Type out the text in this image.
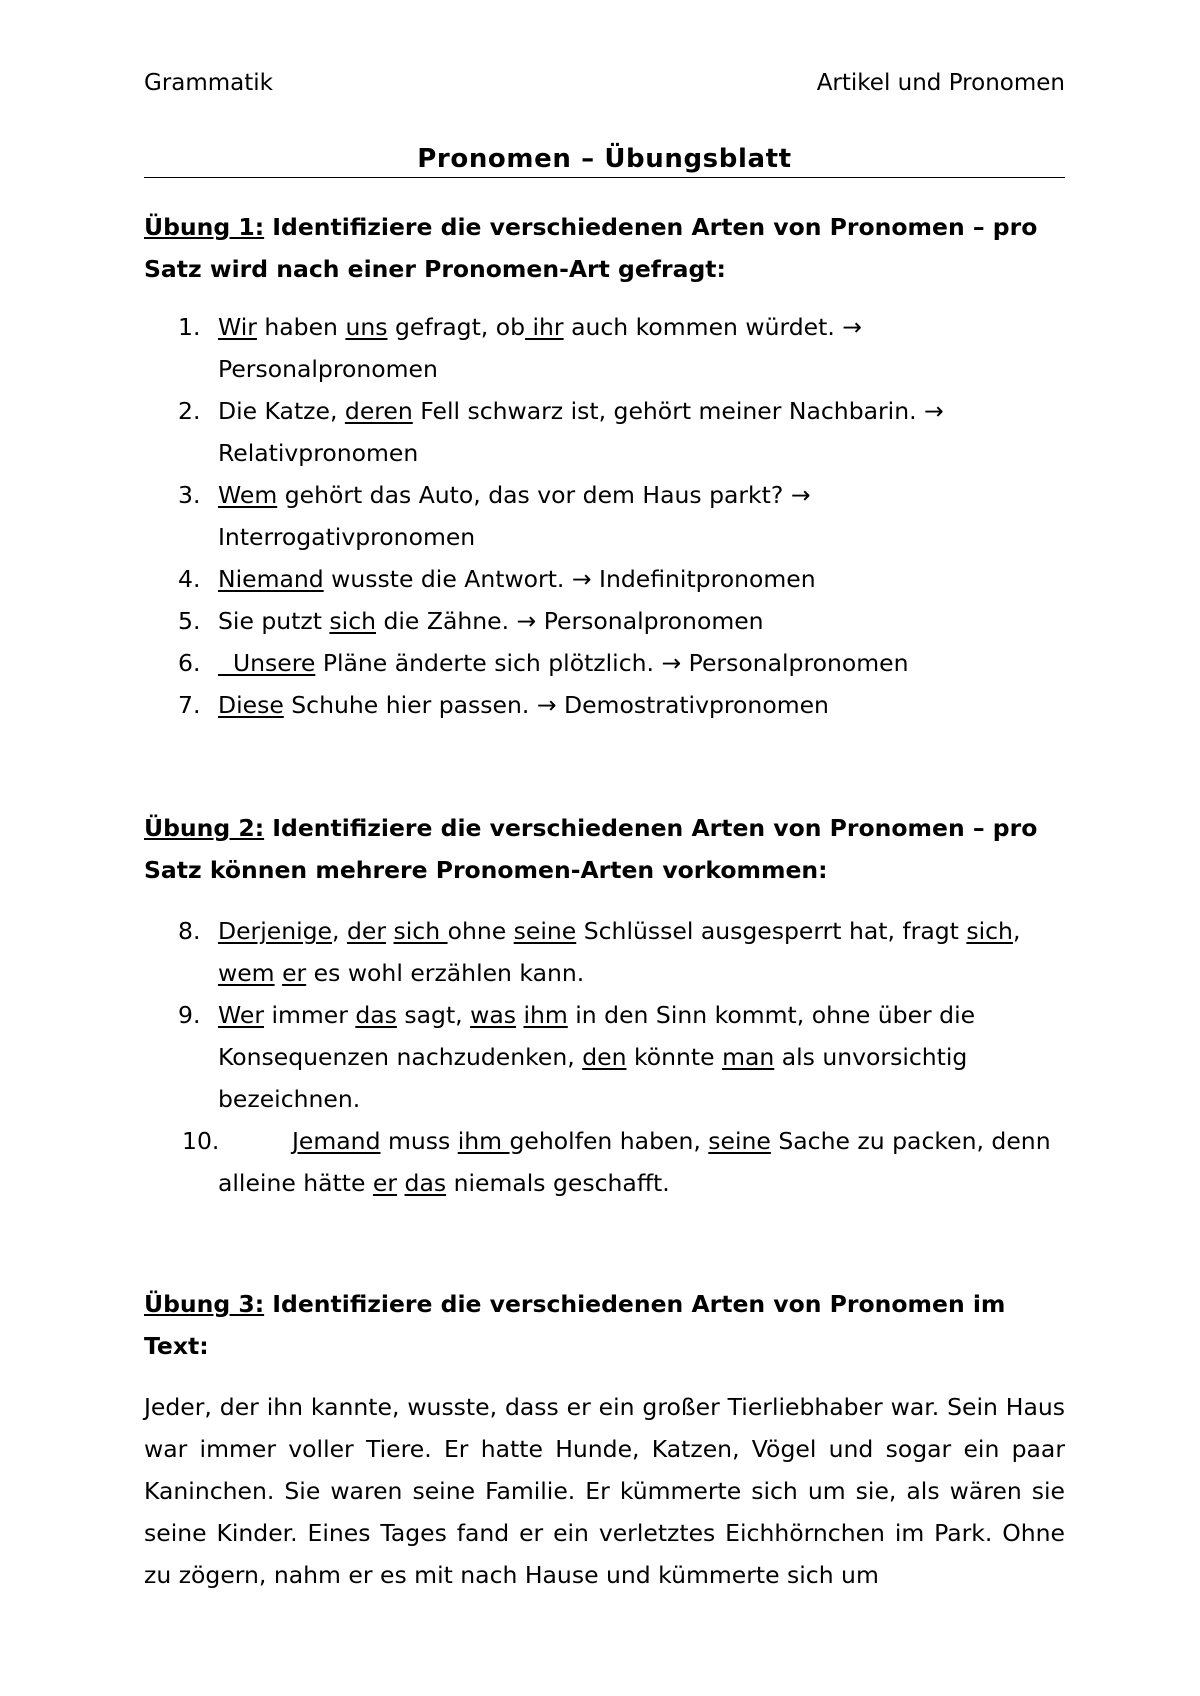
Grammatik	Artikel und Pronomen
Pronomen – Übungsblatt
Übung 1: Identifiziere die verschiedenen Arten von Pronomen – pro Satz wird nach einer Pronomen-Art gefragt:
1. Wir haben uns gefragt, ob ihr auch kommen würdet. → Personalpronomen
2. Die Katze, deren Fell schwarz ist, gehört meiner Nachbarin. → Relativpronomen
3. Wem gehört das Auto, das vor dem Haus parkt? → Interrogativpronomen
4. Niemand wusste die Antwort. → Indefinitpronomen
5. Sie putzt sich die Zähne. → Personalpronomen
6. Unsere Pläne änderte sich plötzlich. → Personalpronomen
7. Diese Schuhe hier passen. → Demostrativpronomen
Übung 2: Identifiziere die verschiedenen Arten von Pronomen – pro Satz können mehrere Pronomen-Arten vorkommen:
8. Derjenige, der sich ohne seine Schlüssel ausgesperrt hat, fragt sich, wem er es wohl erzählen kann.
9. Wer immer das sagt, was ihm in den Sinn kommt, ohne über die Konsequenzen nachzudenken, den könnte man als unvorsichtig bezeichnen.
10.	Jemand muss ihm geholfen haben, seine Sache zu packen, denn alleine hätte er das niemals geschafft.
Übung 3: Identifiziere die verschiedenen Arten von Pronomen im Text:

Jeder, der ihn kannte, wusste, dass er ein großer Tierliebhaber war. Sein Haus war immer voller Tiere. Er hatte Hunde, Katzen, Vögel und sogar ein paar Kaninchen. Sie waren seine Familie. Er kümmerte sich um sie, als wären sie seine Kinder. Eines Tages fand er ein verletztes Eichhörnchen im Park. Ohne zu zögern, nahm er es mit nach Hause und kümmerte sich um
